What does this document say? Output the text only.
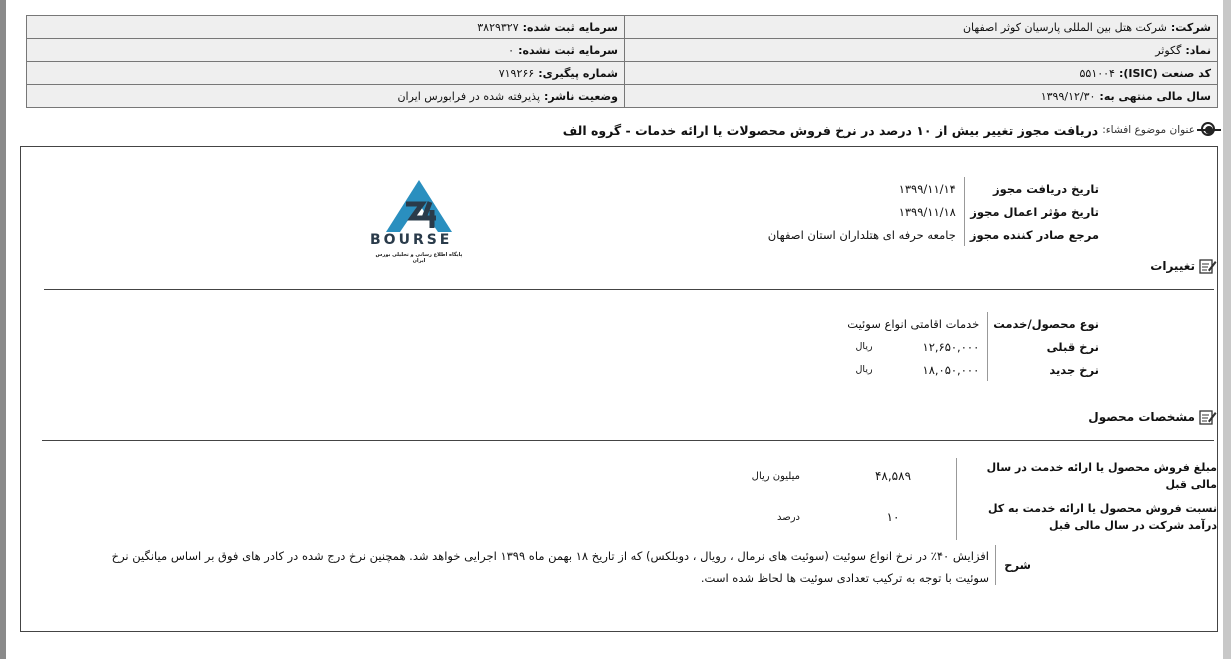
شرکت:شرکت هتل بین المللی پارسیان کوثر اصفهان	سرمایه ثبت شده:۳۸۲۹۳۲۷
نماد:گکوثر	سرمایه ثبت نشده:۰
کد صنعت (ISIC):۵۵۱۰۰۴	شماره پیگیری:۷۱۹۲۶۶
سال مالی منتهی به:۱۳۹۹/۱۲/۳۰	وضعیت ناشر:پذیرفته شده در فرابورس ایران
عنوان موضوع افشاء:
دریافت مجوز تغییر بیش از ۱۰ درصد در نرخ فروش محصولات یا ارائه خدمات - گروه الف
BOURSE
پایگاه اطلاع رسانی و تحلیلی بورس ایران
تاریخ دریافت مجوز	۱۳۹۹/۱۱/۱۴
تاریخ مؤثر اعمال مجوز	۱۳۹۹/۱۱/۱۸
مرجع صادر کننده مجوز	جامعه حرفه ای هتلداران استان اصفهان
تغییرات
نوع محصول/خدمت	خدمات اقامتی انواع سوئیت	
نرخ قبلی	۱۲,۶۵۰,۰۰۰	ریال
نرخ جدید	۱۸,۰۵۰,۰۰۰	ریال
مشخصات محصول
مبلغ فروش محصول یا ارائه خدمت در سال مالی قبل	۴۸,۵۸۹	میلیون ریال
نسبت فروش محصول یا ارائه خدمت به کل درآمد شرکت در سال مالی قبل	۱۰	درصد
شرح
افزایش ۴۰٪ در نرخ انواع سوئیت (سوئیت های نرمال ، رویال ، دوبلکس) که از تاریخ ۱۸ بهمن ماه ۱۳۹۹ اجرایی خواهد شد. همچنین نرخ درج شده در کادر های فوق بر اساس میانگین نرخ سوئیت با توجه به ترکیب تعدادی سوئیت ها لحاظ شده است.
